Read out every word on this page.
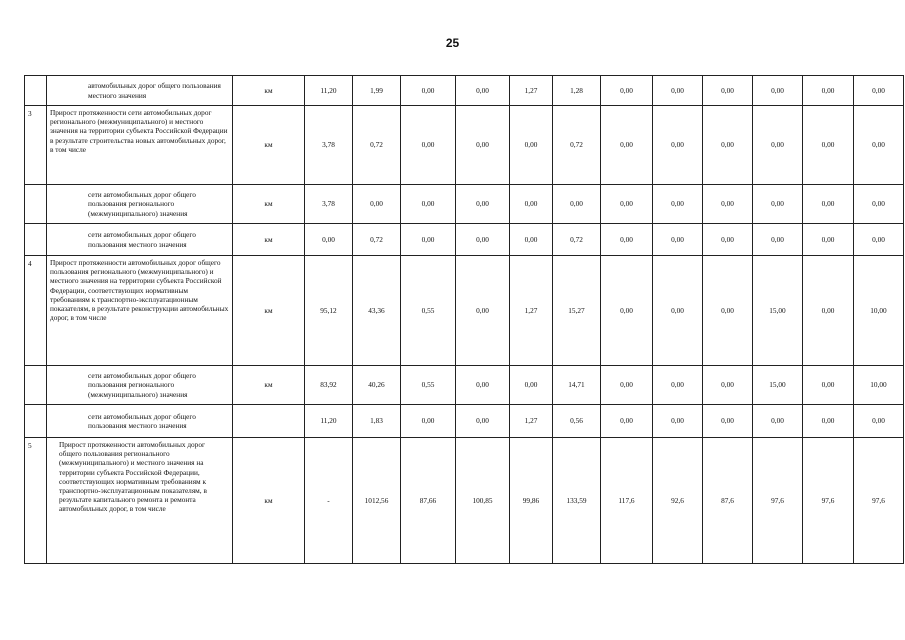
25
	автомобильных дорог общего пользования местного значения	км	11,20	1,99	0,00	0,00	1,27	1,28	0,00	0,00	0,00	0,00	0,00	0,00
3	Прирост протяженности сети автомобильных дорог регионального (межмуниципального) и местного значения на территории субъекта Российской Федерации в результате строительства новых автомобильных дорог, в том числе	км	3,78	0,72	0,00	0,00	0,00	0,72	0,00	0,00	0,00	0,00	0,00	0,00
	сети автомобильных дорог общего пользования регионального (межмуниципального) значения	км	3,78	0,00	0,00	0,00	0,00	0,00	0,00	0,00	0,00	0,00	0,00	0,00
	сети автомобильных дорог общего пользования местного значения	км	0,00	0,72	0,00	0,00	0,00	0,72	0,00	0,00	0,00	0,00	0,00	0,00
4	Прирост протяженности автомобильных дорог общего пользования регионального (межмуниципального) и местного значения на территории субъекта Российской Федерации, соответствующих нормативным требованиям к транспортно-эксплуатационным показателям, в результате реконструкции автомобильных дорог, в том числе	км	95,12	43,36	0,55	0,00	1,27	15,27	0,00	0,00	0,00	15,00	0,00	10,00
	сети автомобильных дорог общего пользования регионального (межмуниципального) значения	км	83,92	40,26	0,55	0,00	0,00	14,71	0,00	0,00	0,00	15,00	0,00	10,00
	сети автомобильных дорог общего пользования местного значения		11,20	1,83	0,00	0,00	1,27	0,56	0,00	0,00	0,00	0,00	0,00	0,00
5	Прирост протяженности автомобильных дорог общего пользования регионального (межмуниципального) и местного значения на территории субъекта Российской Федерации, соответствующих нормативным требованиям к транспортно-эксплуатационным показателям, в результате капитального ремонта и ремонта автомобильных дорог, в том числе	км	-	1012,56	87,66	100,85	99,86	133,59	117,6	92,6	87,6	97,6	97,6	97,6
